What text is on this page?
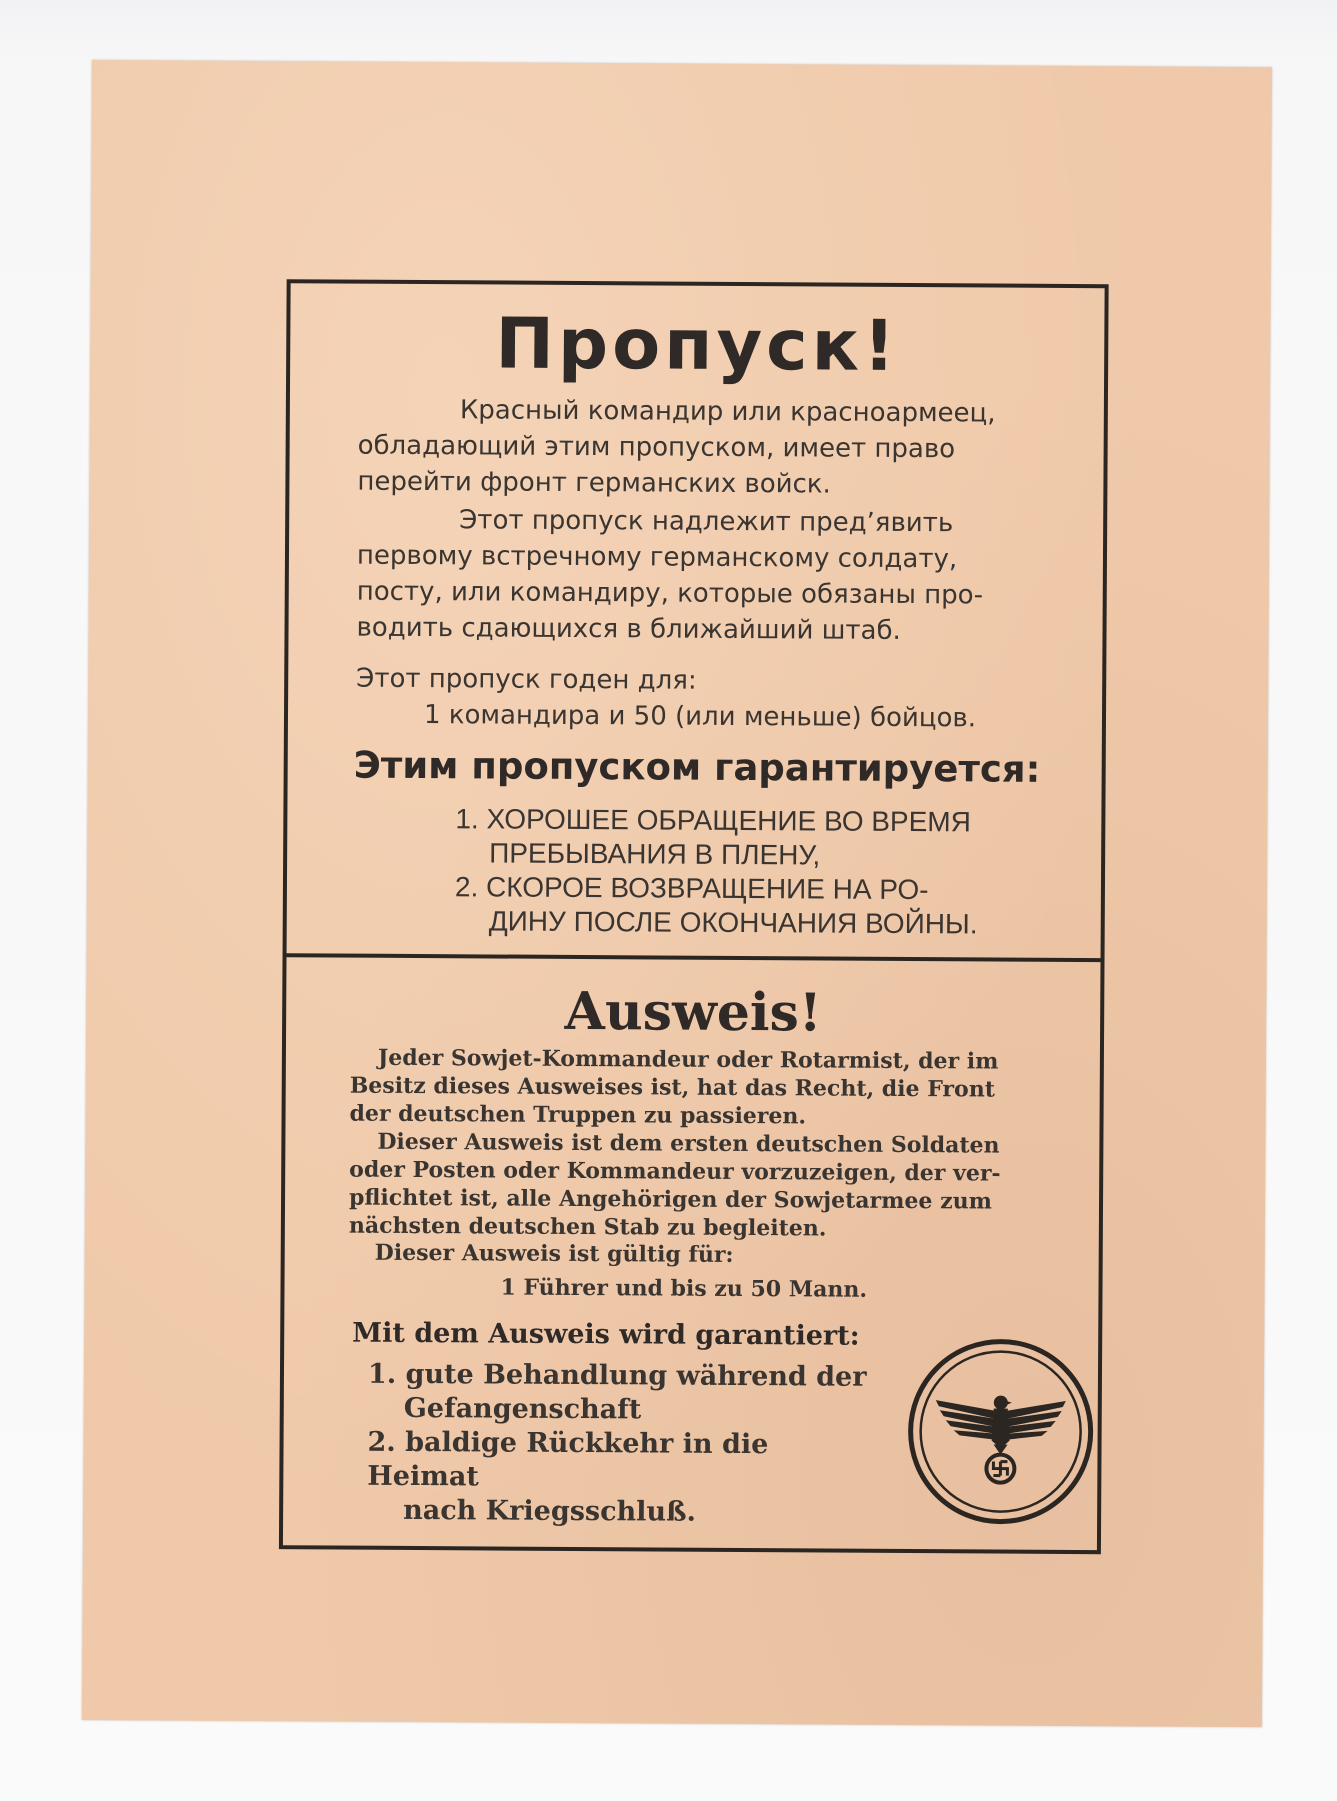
Пропуск!
Красный командир или красноармеец,
обладающий этим пропуском, имеет право
перейти фронт германских войск.
Этот пропуск надлежит пред’явить
первому встречному германскому солдату,
посту, или командиру, которые обязаны про-
водить сдающихся в ближайший штаб.
Этот пропуск годен для:
1 командира и 50 (или меньше) бойцов.
Этим пропуском гарантируется:
1. ХОРОШЕЕ ОБРАЩЕНИЕ ВО ВРЕМЯ
ПРЕБЫВАНИЯ В ПЛЕНУ,
2. СКОРОЕ ВОЗВРАЩЕНИЕ НА РО-
ДИНУ ПОСЛЕ ОКОНЧАНИЯ ВОЙНЫ.
Ausweis!
Jeder Sowjet-Kommandeur oder Rotarmist, der im
Besitz dieses Ausweises ist, hat das Recht, die Front
der deutschen Truppen zu passieren.
Dieser Ausweis ist dem ersten deutschen Soldaten
oder Posten oder Kommandeur vorzuzeigen, der ver-
pflichtet ist, alle Angehörigen der Sowjetarmee zum
nächsten deutschen Stab zu begleiten.
Dieser Ausweis ist gültig für:
1 Führer und bis zu 50 Mann.
Mit dem Ausweis wird garantiert:
1. gute Behandlung während der
Gefangenschaft
2. baldige Rückkehr in die Heimat
nach Kriegsschluß.
